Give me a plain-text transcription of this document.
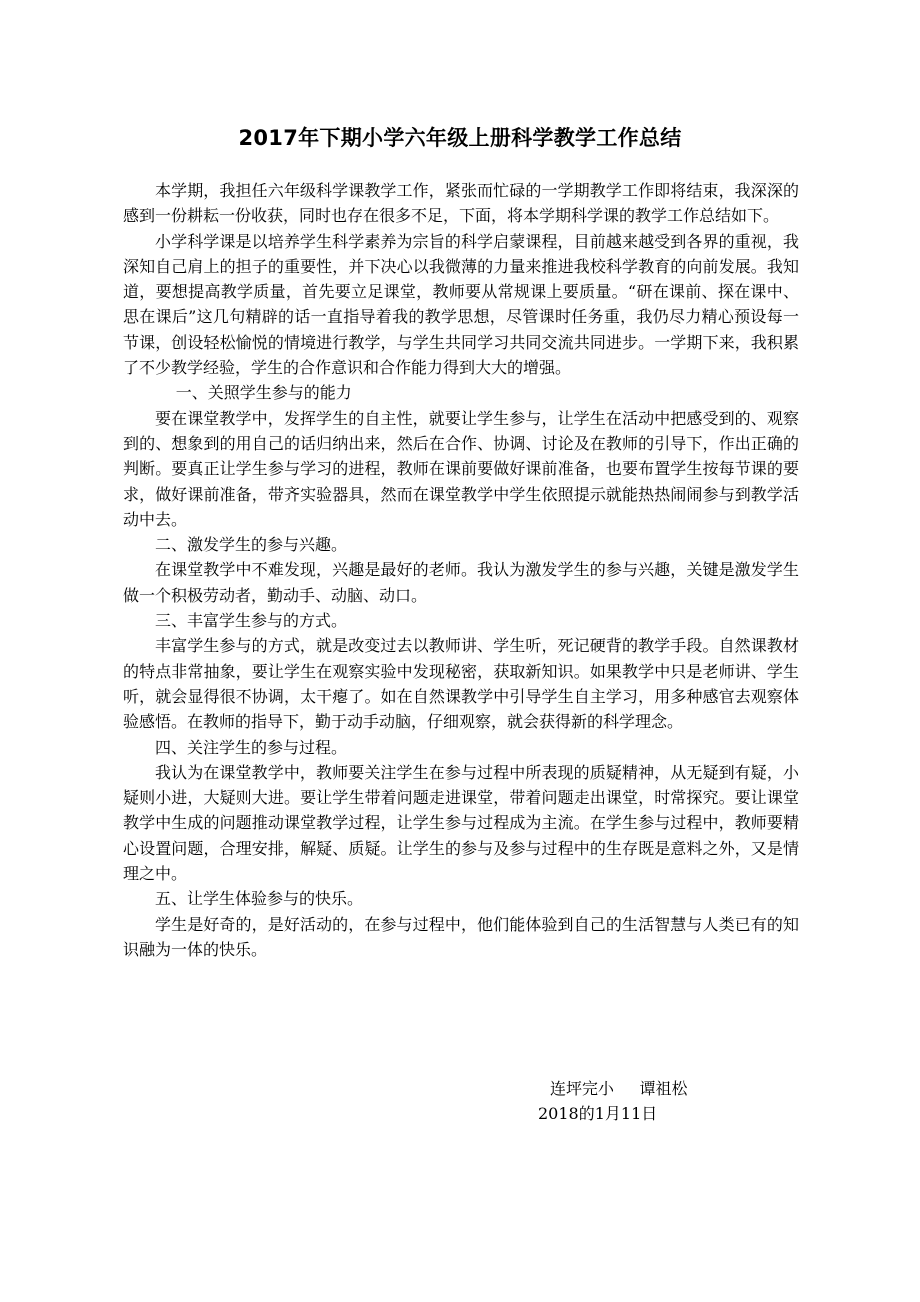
2017年下期小学六年级上册科学教学工作总结

本学期，我担任六年级科学课教学工作，紧张而忙碌的一学期教学工作即将结束，我深深的感到一份耕耘一份收获，同时也存在很多不足，下面，将本学期科学课的教学工作总结如下。

小学科学课是以培养学生科学素养为宗旨的科学启蒙课程，目前越来越受到各界的重视，我深知自己肩上的担子的重要性，并下决心以我微薄的力量来推进我校科学教育的向前发展。我知道，要想提高教学质量，首先要立足课堂，教师要从常规课上要质量。“研在课前、探在课中、思在课后”这几句精辟的话一直指导着我的教学思想，尽管课时任务重，我仍尽力精心预设每一节课，创设轻松愉悦的情境进行教学，与学生共同学习共同交流共同进步。一学期下来，我积累了不少教学经验，学生的合作意识和合作能力得到大大的增强。

一、关照学生参与的能力

要在课堂教学中，发挥学生的自主性，就要让学生参与，让学生在活动中把感受到的、观察到的、想象到的用自己的话归纳出来，然后在合作、协调、讨论及在教师的引导下，作出正确的判断。要真正让学生参与学习的进程，教师在课前要做好课前准备，也要布置学生按每节课的要求，做好课前准备，带齐实验器具，然而在课堂教学中学生依照提示就能热热闹闹参与到教学活动中去。

二、激发学生的参与兴趣。

在课堂教学中不难发现，兴趣是最好的老师。我认为激发学生的参与兴趣，关键是激发学生做一个积极劳动者，勤动手、动脑、动口。

三、丰富学生参与的方式。

丰富学生参与的方式，就是改变过去以教师讲、学生听，死记硬背的教学手段。自然课教材的特点非常抽象，要让学生在观察实验中发现秘密，获取新知识。如果教学中只是老师讲、学生听，就会显得很不协调，太干瘪了。如在自然课教学中引导学生自主学习，用多种感官去观察体验感悟。在教师的指导下，勤于动手动脑，仔细观察，就会获得新的科学理念。

四、关注学生的参与过程。

我认为在课堂教学中，教师要关注学生在参与过程中所表现的质疑精神，从无疑到有疑，小疑则小进，大疑则大进。要让学生带着问题走进课堂，带着问题走出课堂，时常探究。要让课堂教学中生成的问题推动课堂教学过程，让学生参与过程成为主流。在学生参与过程中，教师要精心设置问题，合理安排，解疑、质疑。让学生的参与及参与过程中的生存既是意料之外，又是情理之中。

五、让学生体验参与的快乐。

学生是好奇的，是好活动的，在参与过程中，他们能体验到自己的生活智慧与人类已有的知识融为一体的快乐。

连坪完小 谭祖松
2018的1月11日
